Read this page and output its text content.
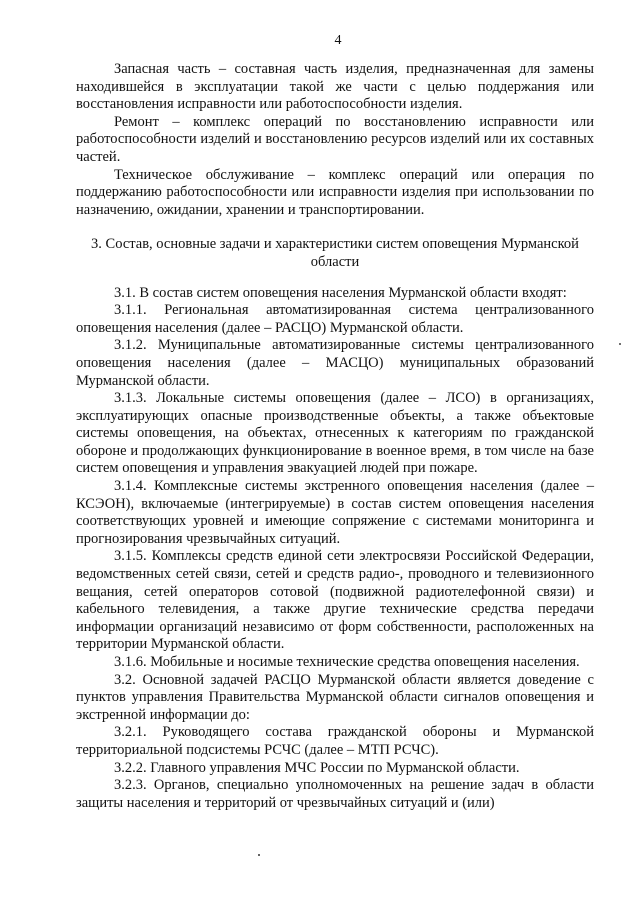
4

Запасная часть – составная часть изделия, предназначенная для замены находившейся в эксплуатации такой же части с целью поддержания или восстановления исправности или работоспособности изделия.

Ремонт – комплекс операций по восстановлению исправности или работоспособности изделий и восстановлению ресурсов изделий или их составных частей.

Техническое обслуживание – комплекс операций или операция по поддержанию работоспособности или исправности изделия при использовании по назначению, ожидании, хранении и транспортировании.

3. Состав, основные задачи и характеристики систем оповещения Мурманской области

3.1. В состав систем оповещения населения Мурманской области входят:

3.1.1. Региональная автоматизированная система централизованного оповещения населения (далее – РАСЦО) Мурманской области.

3.1.2. Муниципальные автоматизированные системы централизованного оповещения населения (далее – МАСЦО) муниципальных образований Мурманской области.

3.1.3. Локальные системы оповещения (далее – ЛСО) в организациях, эксплуатирующих опасные производственные объекты, а также объектовые системы оповещения, на объектах, отнесенных к категориям по гражданской обороне и продолжающих функционирование в военное время, в том числе на базе систем оповещения и управления эвакуацией людей при пожаре.

3.1.4. Комплексные системы экстренного оповещения населения (далее – КСЭОН), включаемые (интегрируемые) в состав систем оповещения населения соответствующих уровней и имеющие сопряжение с системами мониторинга и прогнозирования чрезвычайных ситуаций.

3.1.5. Комплексы средств единой сети электросвязи Российской Федерации, ведомственных сетей связи, сетей и средств радио-, проводного и телевизионного вещания, сетей операторов сотовой (подвижной радиотелефонной связи) и кабельного телевидения, а также другие технические средства передачи информации организаций независимо от форм собственности, расположенных на территории Мурманской области.

3.1.6. Мобильные и носимые технические средства оповещения населения.

3.2. Основной задачей РАСЦО Мурманской области является доведение с пунктов управления Правительства Мурманской области сигналов оповещения и экстренной информации до:

3.2.1. Руководящего состава гражданской обороны и Мурманской территориальной подсистемы РСЧС (далее – МТП РСЧС).

3.2.2. Главного управления МЧС России по Мурманской области.

3.2.3. Органов, специально уполномоченных на решение задач в области защиты населения и территорий от чрезвычайных ситуаций и (или)
